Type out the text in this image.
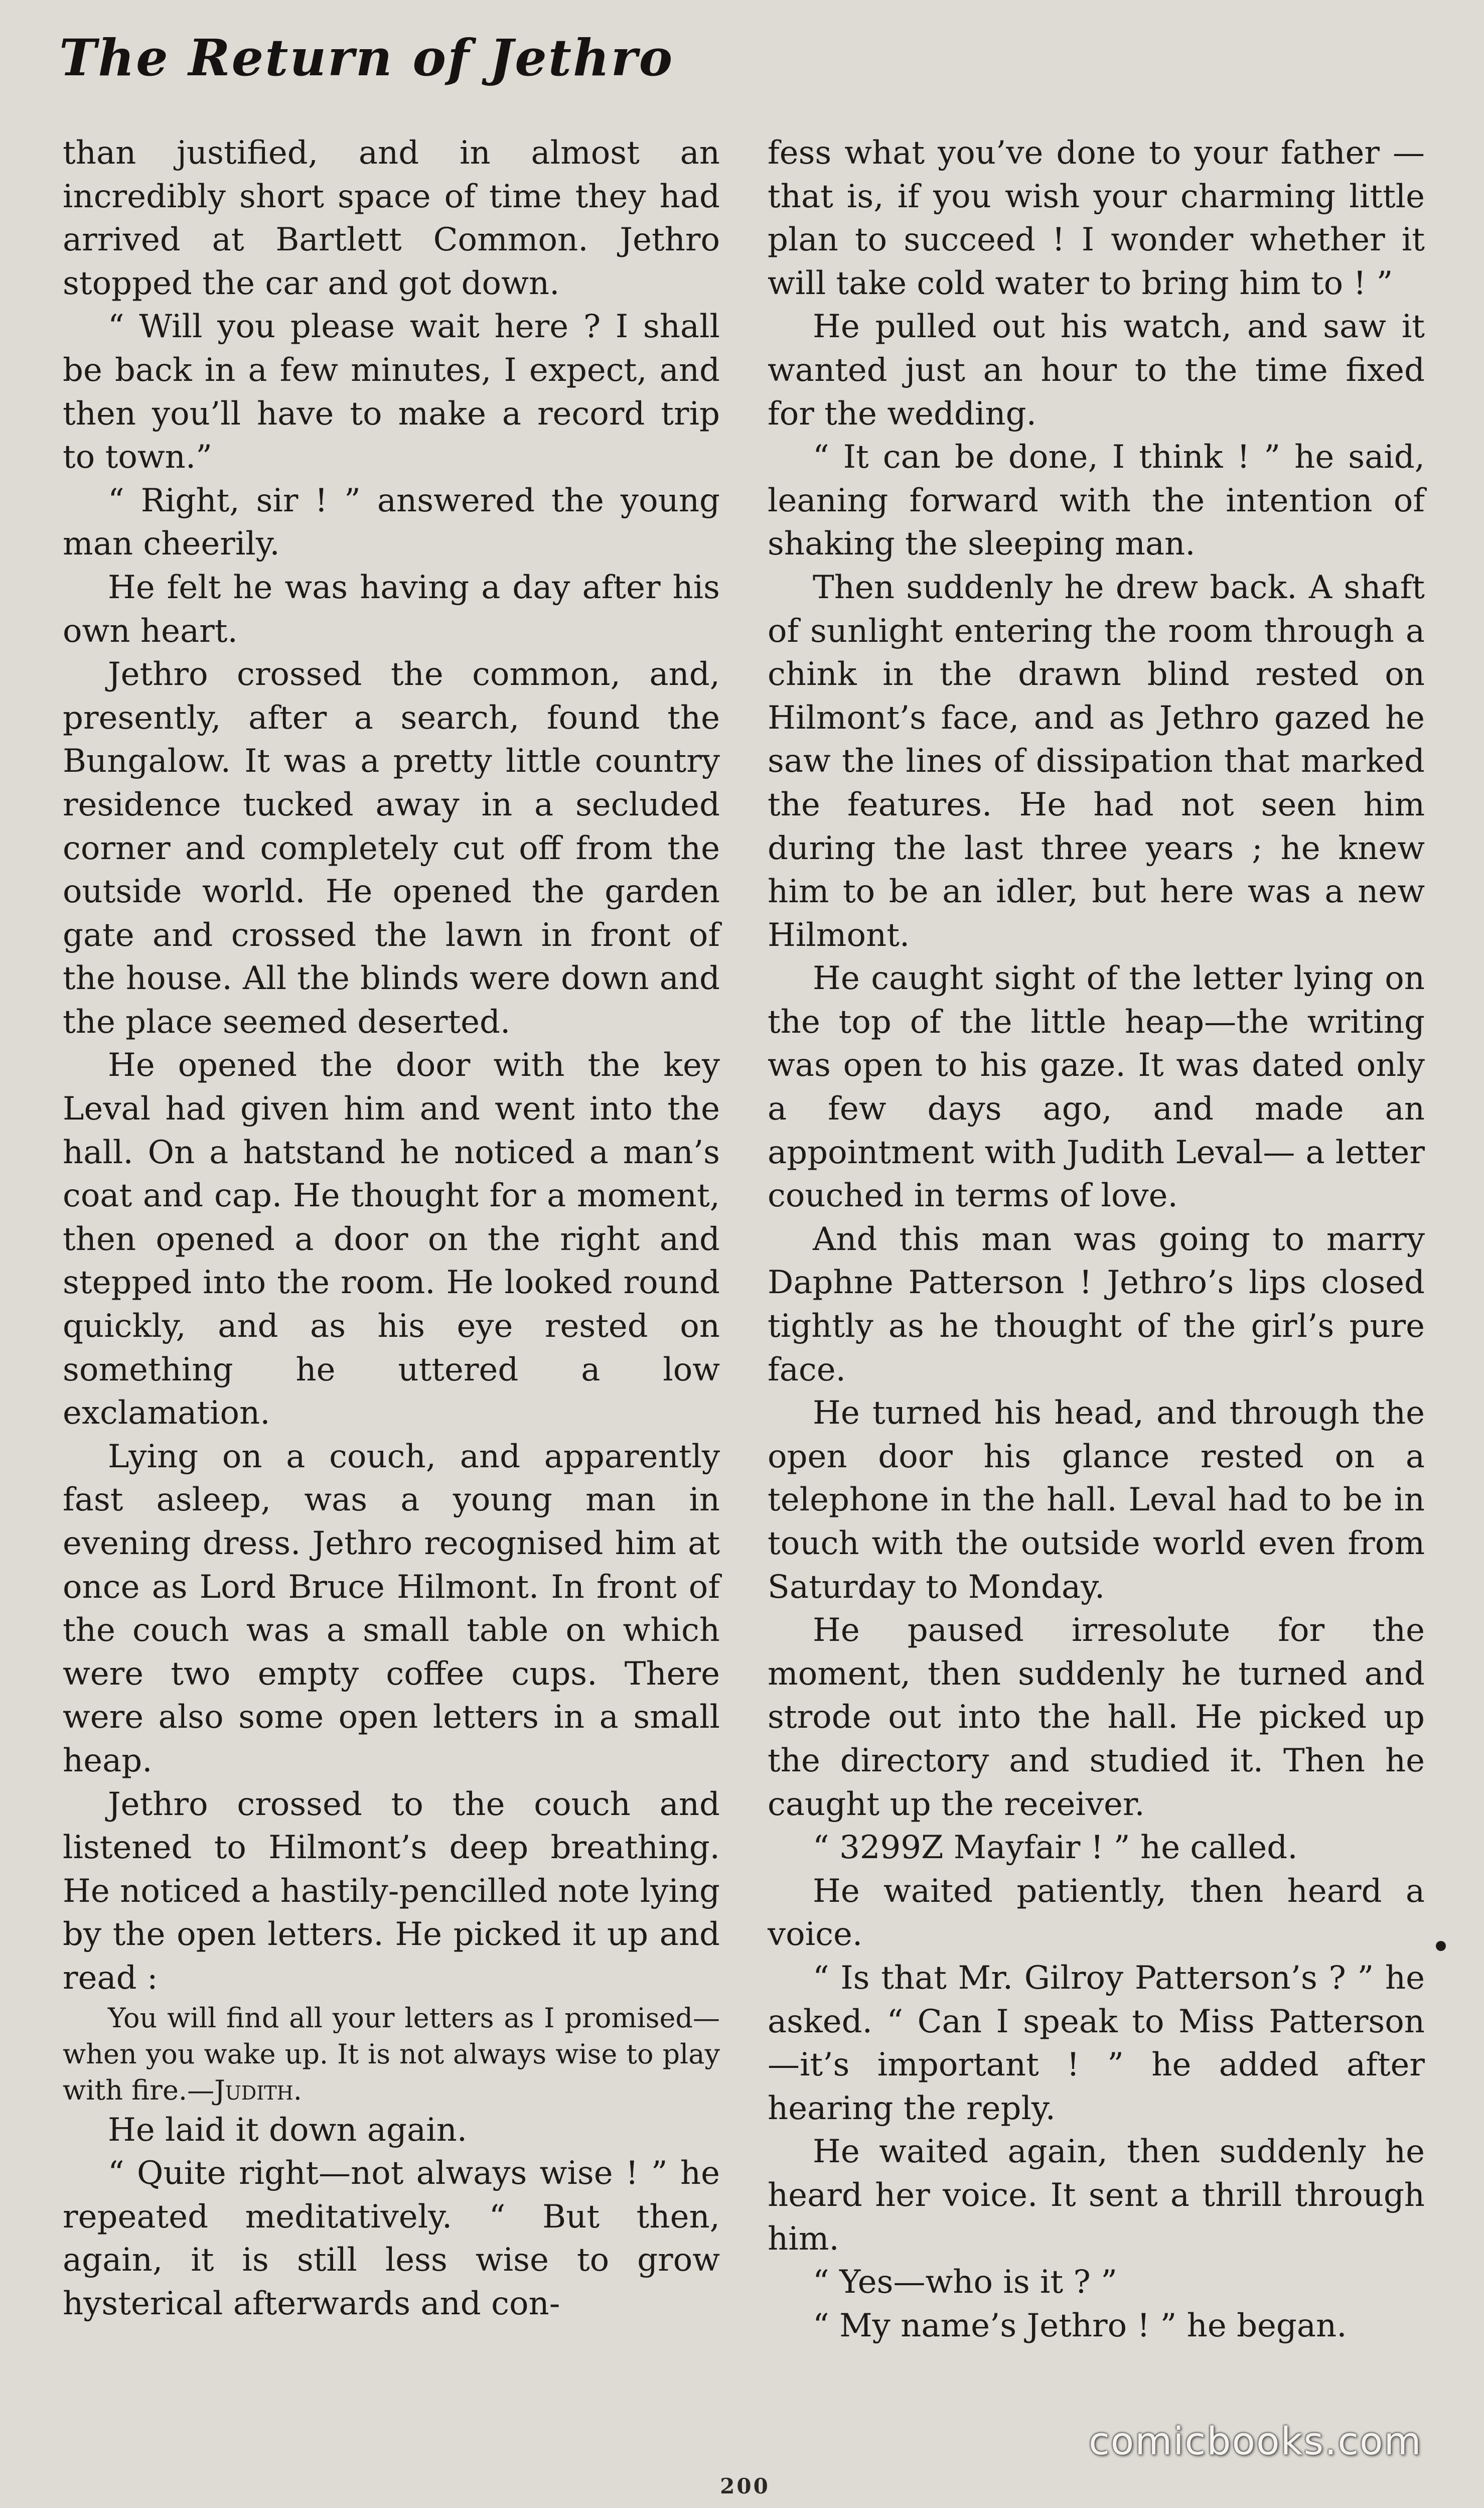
The Return of Jethro

than justified, and in almost an incredibly short space of time they had arrived at Bartlett Common. Jethro stopped the car and got down.

“ Will you please wait here ? I shall be back in a few minutes, I expect, and then you’ll have to make a record trip to town.”

“ Right, sir ! ” answered the young man cheerily.

He felt he was having a day after his own heart.

Jethro crossed the common, and, presently, after a search, found the Bungalow. It was a pretty little country residence tucked away in a secluded corner and completely cut off from the outside world. He opened the garden gate and crossed the lawn in front of the house. All the blinds were down and the place seemed deserted.

He opened the door with the key Leval had given him and went into the hall. On a hatstand he noticed a man’s coat and cap. He thought for a moment, then opened a door on the right and stepped into the room. He looked round quickly, and as his eye rested on something he uttered a low exclamation.

Lying on a couch, and apparently fast asleep, was a young man in evening dress. Jethro recognised him at once as Lord Bruce Hilmont. In front of the couch was a small table on which were two empty coffee cups. There were also some open letters in a small heap.

Jethro crossed to the couch and listened to Hilmont’s deep breathing. He noticed a hastily-pencilled note lying by the open letters. He picked it up and read :

You will find all your letters as I promised—when you wake up. It is not always wise to play with fire.—Judith.

He laid it down again.

“ Quite right—not always wise ! ” he repeated meditatively. “ But then, again, it is still less wise to grow hysterical afterwards and con-

fess what you’ve done to your father —that is, if you wish your charming little plan to succeed ! I wonder whether it will take cold water to bring him to ! ”

He pulled out his watch, and saw it wanted just an hour to the time fixed for the wedding.

“ It can be done, I think ! ” he said, leaning forward with the intention of shaking the sleeping man.

Then suddenly he drew back. A shaft of sunlight entering the room through a chink in the drawn blind rested on Hilmont’s face, and as Jethro gazed he saw the lines of dissipation that marked the features. He had not seen him during the last three years ; he knew him to be an idler, but here was a new Hilmont.

He caught sight of the letter lying on the top of the little heap—the writing was open to his gaze. It was dated only a few days ago, and made an appointment with Judith Leval— a letter couched in terms of love.

And this man was going to marry Daphne Patterson ! Jethro’s lips closed tightly as he thought of the girl’s pure face.

He turned his head, and through the open door his glance rested on a telephone in the hall. Leval had to be in touch with the outside world even from Saturday to Monday.

He paused irresolute for the moment, then suddenly he turned and strode out into the hall. He picked up the directory and studied it. Then he caught up the receiver.

“ 3299Z Mayfair ! ” he called.

He waited patiently, then heard a voice.

“ Is that Mr. Gilroy Patterson’s ? ” he asked. “ Can I speak to Miss Patterson—it’s important ! ” he added after hearing the reply.

He waited again, then suddenly he heard her voice. It sent a thrill through him.

“ Yes—who is it ? ”

“ My name’s Jethro ! ” he began.

200
comicbooks.com
